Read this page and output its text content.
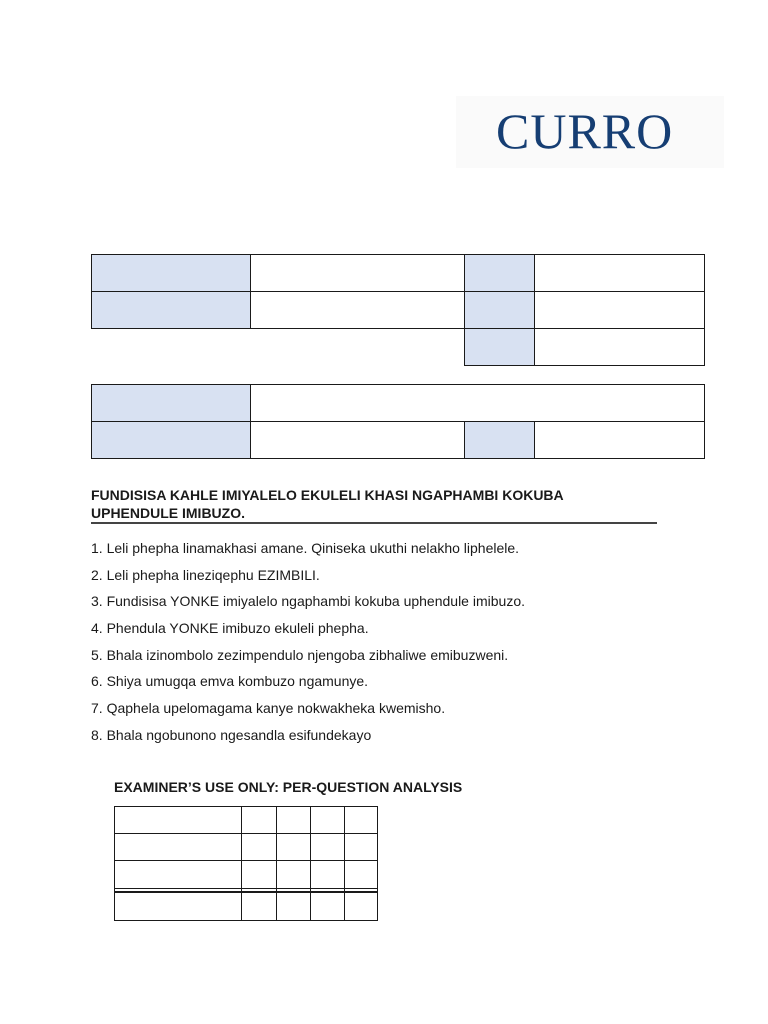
CURRO

FUNDISISA KAHLE IMIYALELO EKULELI KHASI NGAPHAMBI KOKUBA UPHENDULE IMIBUZO.

1. Leli phepha linamakhasi amane. Qiniseka ukuthi nelakho liphelele.
2. Leli phepha lineziqephu EZIMBILI.
3. Fundisisa YONKE imiyalelo ngaphambi kokuba uphendule imibuzo.
4. Phendula YONKE imibuzo ekuleli phepha.
5. Bhala izinombolo zezimpendulo njengoba zibhaliwe emibuzweni.
6. Shiya umugqa emva kombuzo ngamunye.
7. Qaphela upelomagama kanye nokwakheka kwemisho.
8. Bhala ngobunono ngesandla esifundekayo

EXAMINER’S USE ONLY: PER-QUESTION ANALYSIS
